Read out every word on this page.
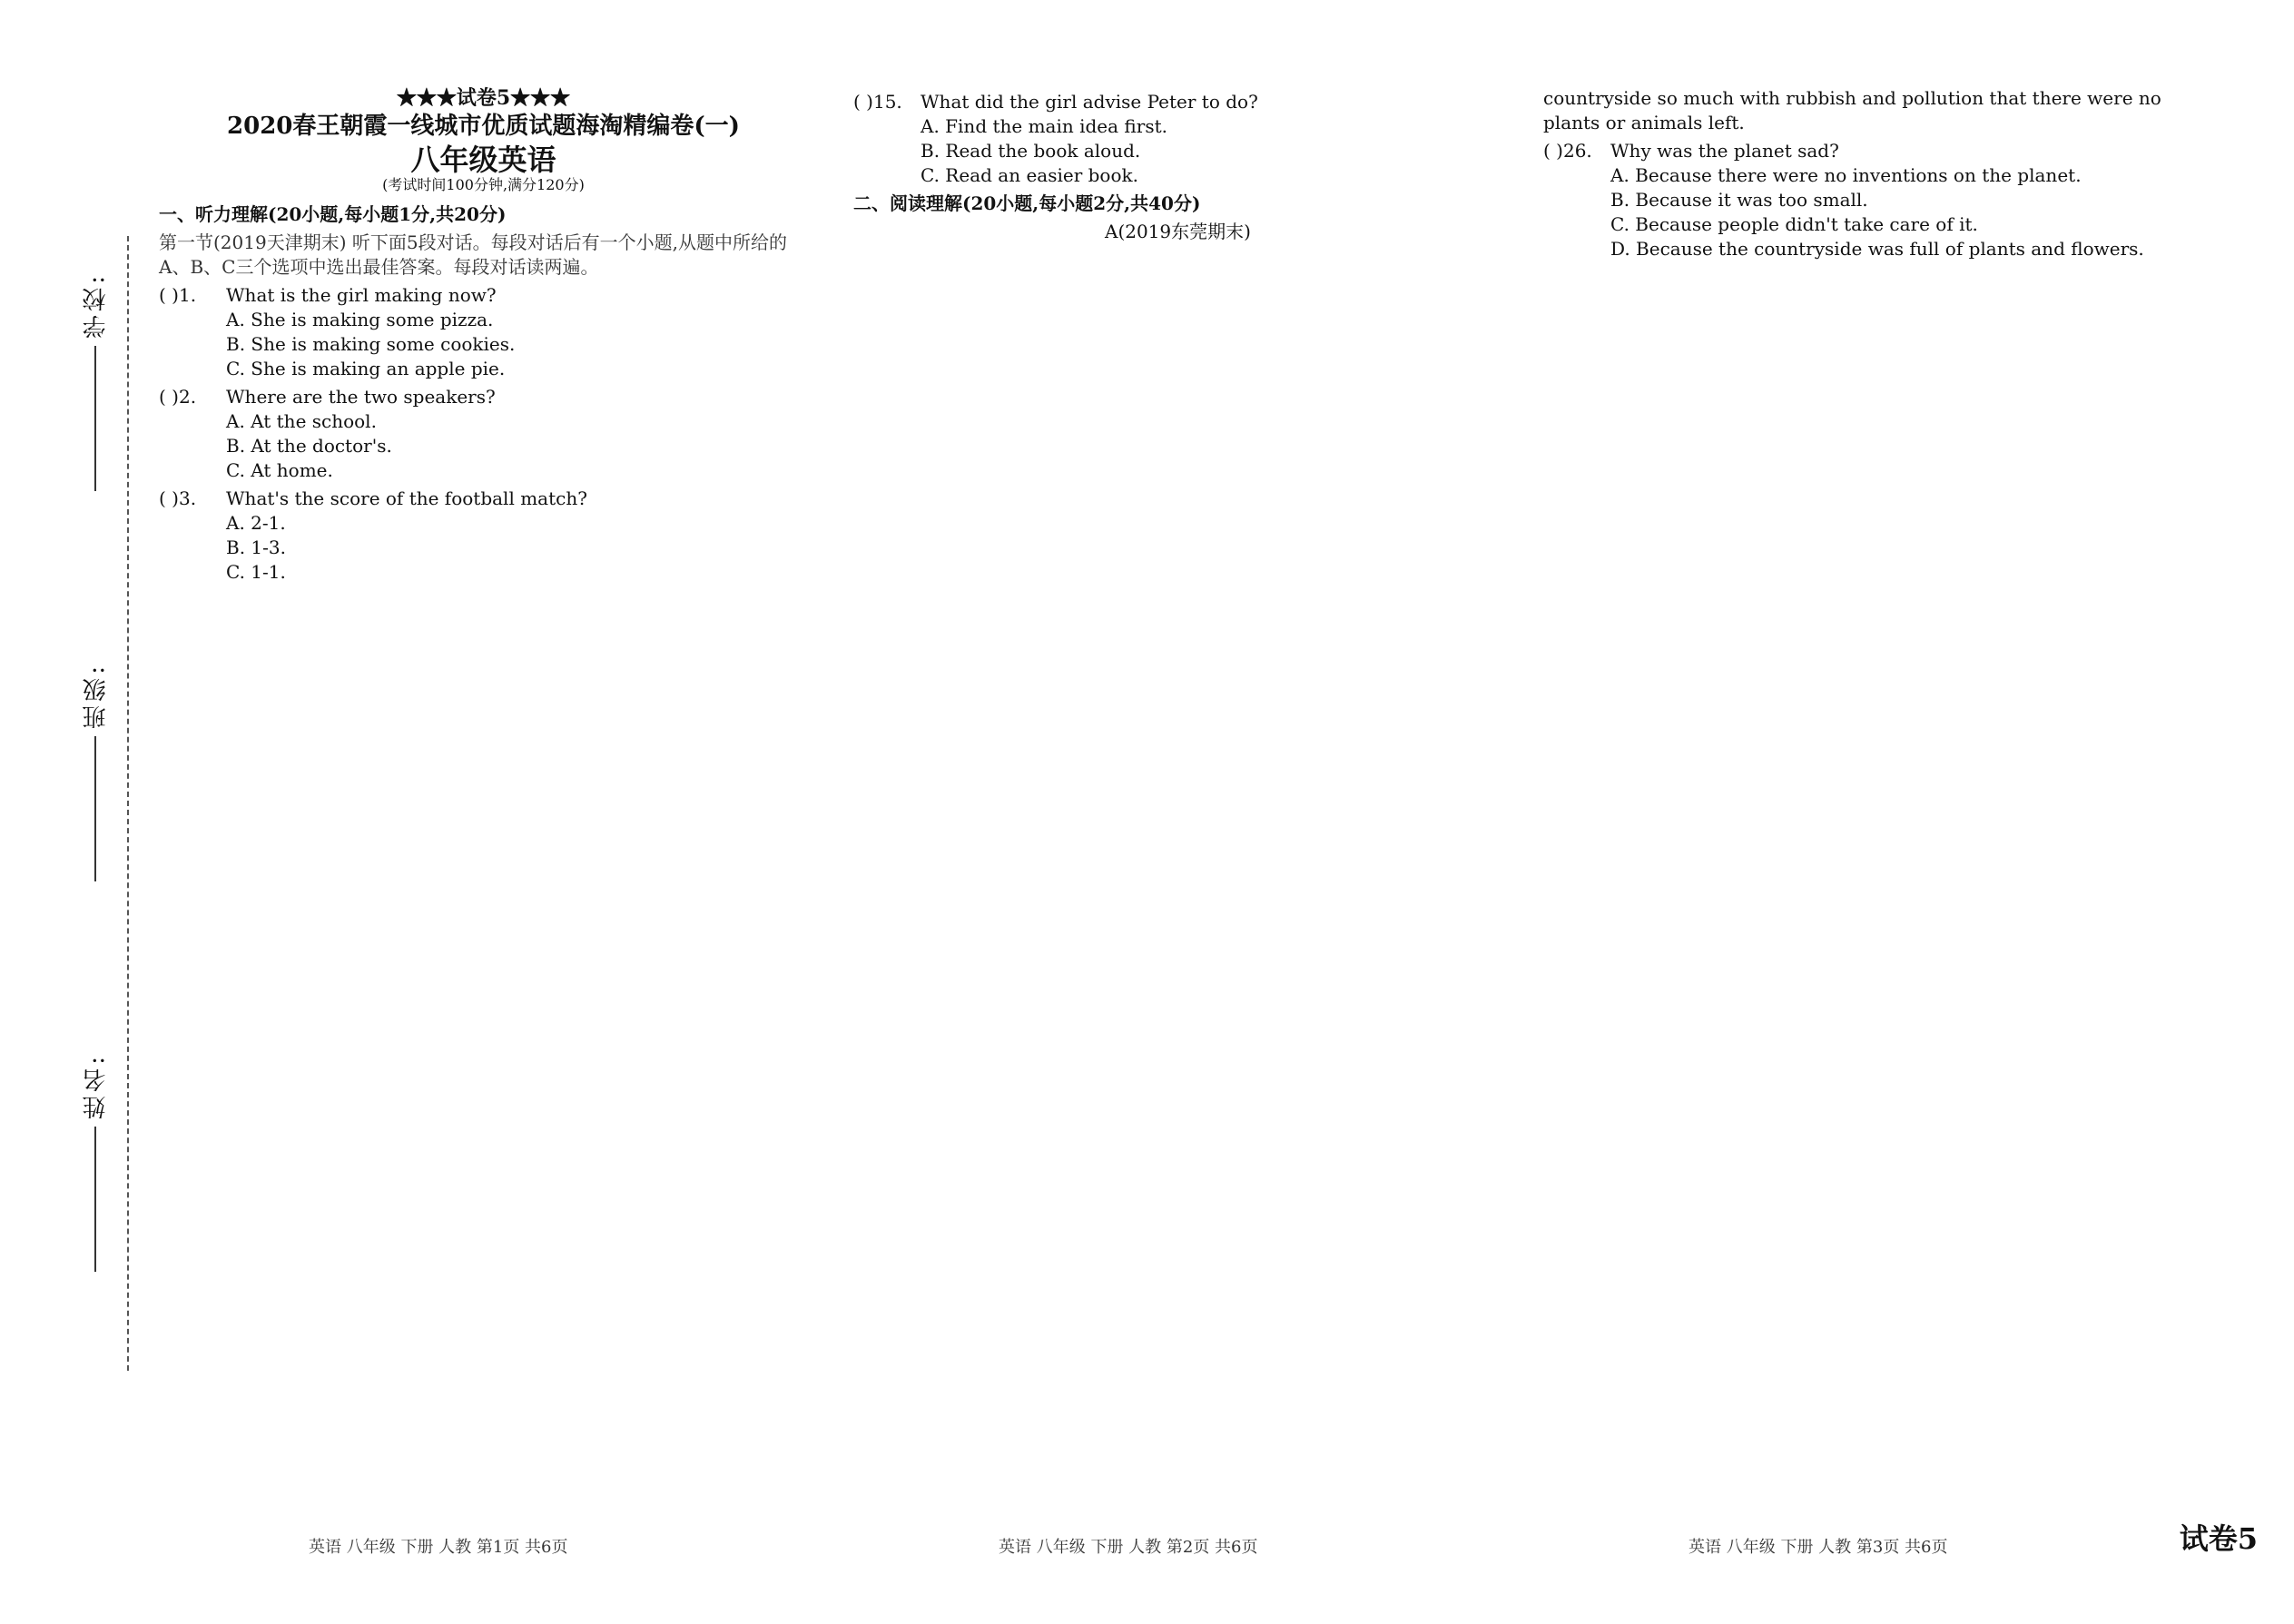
学校:
班级:
姓名:
★★★试卷5★★★
2020春王朝霞一线城市优质试题海淘精编卷(一)
八年级英语
(考试时间100分钟,满分120分)
一、听力理解(20小题,每小题1分,共20分)
第一节(2019天津期末) 听下面5段对话。每段对话后有一个小题,从题中所给的A、B、C三个选项中选出最佳答案。每段对话读两遍。
( )1.	What is the girl making now?
A. She is making some pizza.
B. She is making some cookies.
C. She is making an apple pie.
( )2.	Where are the two speakers?
A. At the school.
B. At the doctor's.
C. At home.
( )3.	What's the score of the football match?
A. 2-1.
B. 1-3.
C. 1-1.
( )15.	What did the girl advise Peter to do?
A. Find the main idea first.
B. Read the book aloud.
C. Read an easier book.
二、阅读理解(20小题,每小题2分,共40分)
A(2019东莞期末)
countryside so much with rubbish and pollution that there were no plants or animals left.
( )26.	Why was the planet sad?
A. Because there were no inventions on the planet.
B. Because it was too small.
C. Because people didn't take care of it.
D. Because the countryside was full of plants and flowers.
英语 八年级 下册 人教 第1页 共6页	英语 八年级 下册 人教 第2页 共6页	英语 八年级 下册 人教 第3页 共6页	试卷5
